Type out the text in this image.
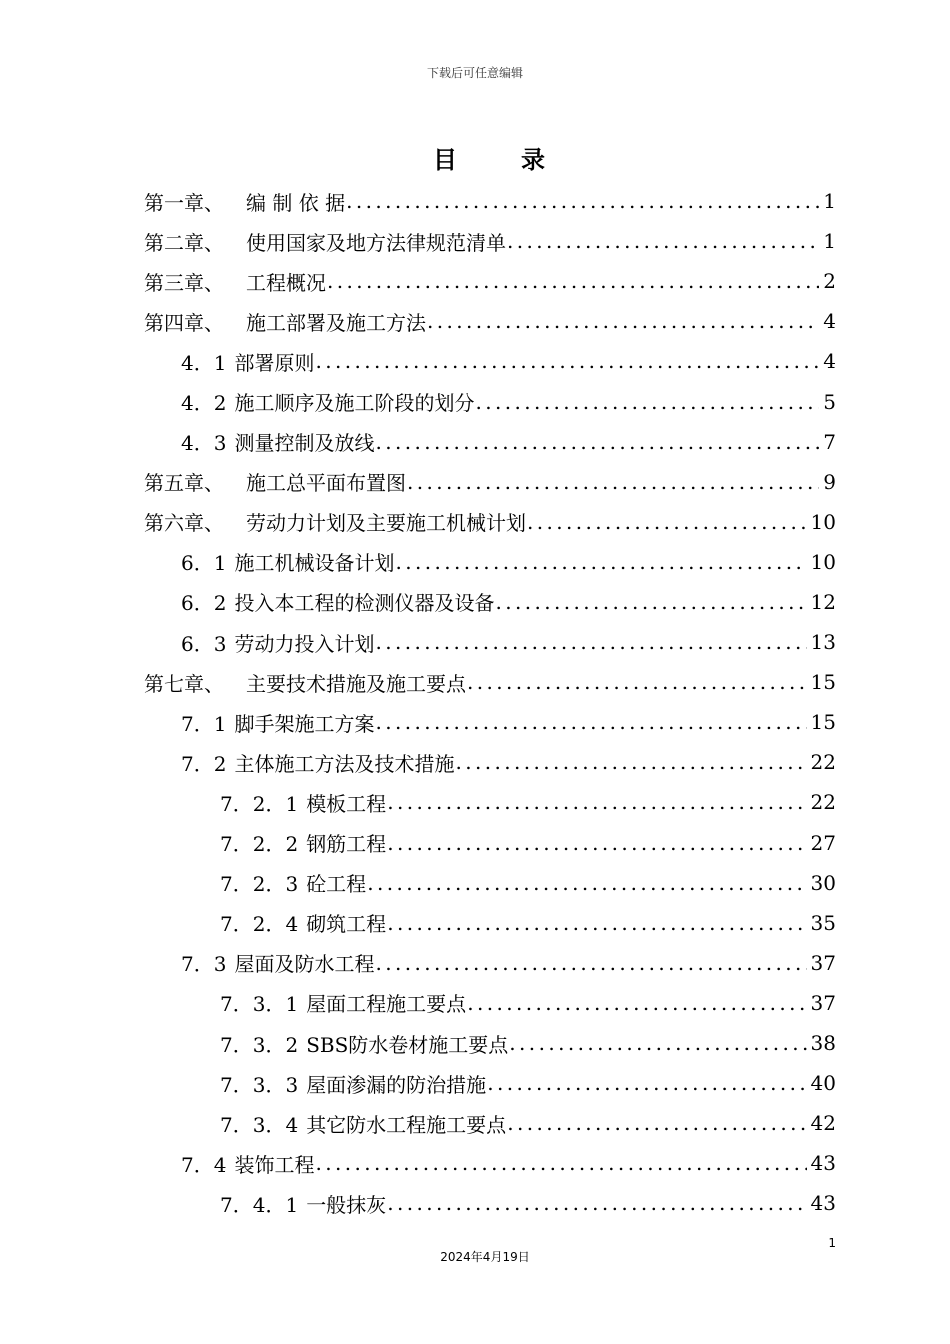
下载后可任意编辑
目	录
第一章、 编 制 依 据 .....	1
第二章、 使用国家及地方法律规范清单 .....	1
第三章、 工程概况 .....	2
第四章、 施工部署及施工方法 .....	4
4．1 部署原则 .....	4
4．2 施工顺序及施工阶段的划分 .....	5
4．3 测量控制及放线 .....	7
第五章、 施工总平面布置图 .....	9
第六章、 劳动力计划及主要施工机械计划 .....	10
6．1 施工机械设备计划 .....	10
6．2 投入本工程的检测仪器及设备 .....	12
6．3 劳动力投入计划 .....	13
第七章、 主要技术措施及施工要点 .....	15
7．1 脚手架施工方案 .....	15
7．2 主体施工方法及技术措施 .....	22
7．2．1 模板工程 .....	22
7．2．2 钢筋工程 .....	27
7．2．3 砼工程 .....	30
7．2．4 砌筑工程 .....	35
7．3 屋面及防水工程 .....	37
7．3．1 屋面工程施工要点 .....	37
7．3．2 SBS防水卷材施工要点 .....	38
7．3．3 屋面渗漏的防治措施 .....	40
7．3．4 其它防水工程施工要点 .....	42
7．4 装饰工程 .....	43
7．4．1 一般抹灰 .....	43
1
2024年4月19日
